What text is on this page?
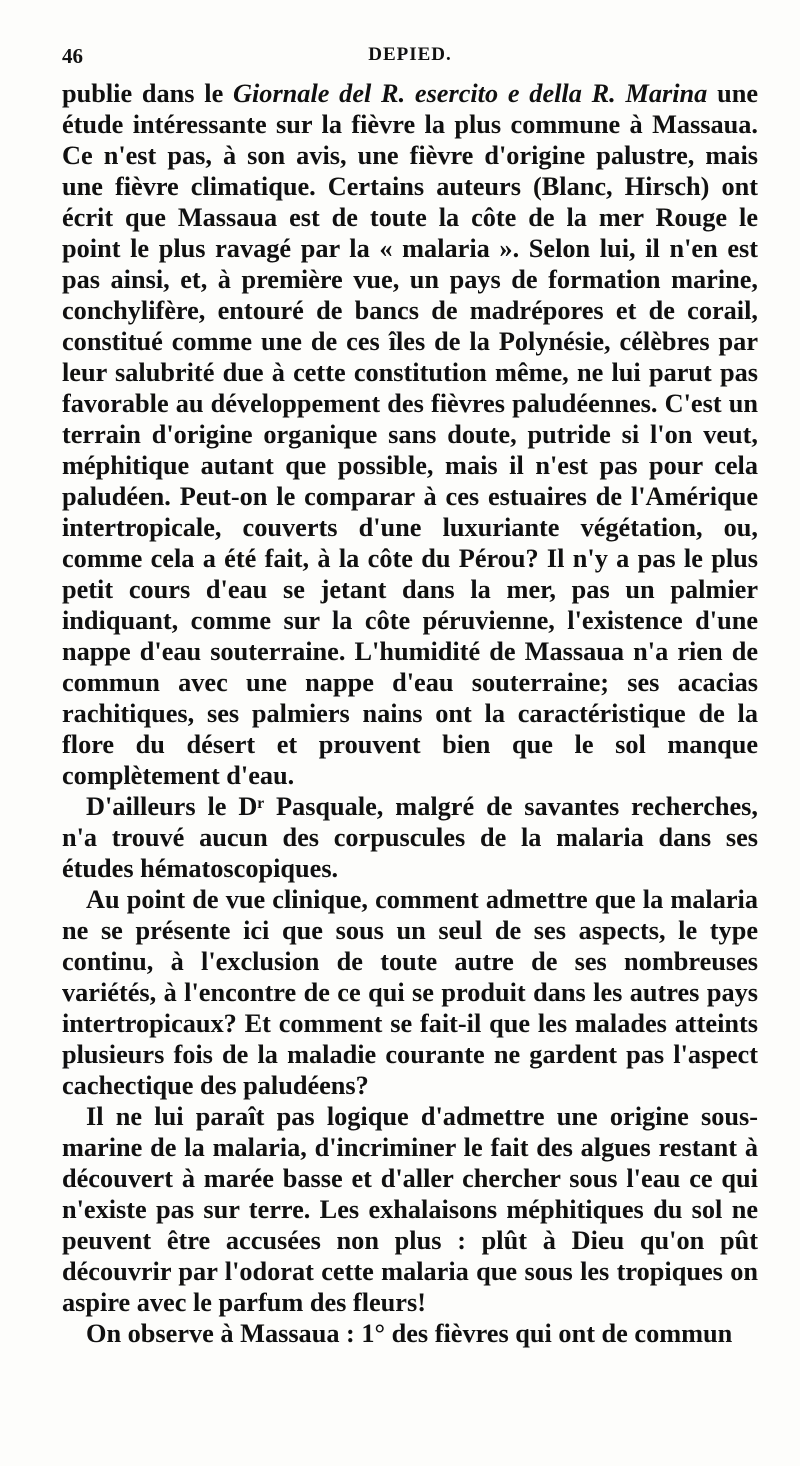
46	DEPIED.

publie dans le Giornale del R. esercito e della R. Marina une étude intéressante sur la fièvre la plus commune à Massaua. Ce n'est pas, à son avis, une fièvre d'origine palustre, mais une fièvre climatique. Certains auteurs (Blanc, Hirsch) ont écrit que Massaua est de toute la côte de la mer Rouge le point le plus ravagé par la « malaria ». Selon lui, il n'en est pas ainsi, et, à première vue, un pays de formation marine, conchylifère, entouré de bancs de madrépores et de corail, constitué comme une de ces îles de la Polynésie, célèbres par leur salubrité due à cette constitution même, ne lui parut pas favorable au développement des fièvres paludéennes. C'est un terrain d'origine organique sans doute, putride si l'on veut, méphitique autant que possible, mais il n'est pas pour cela paludéen. Peut-on le comparar à ces estuaires de l'Amérique intertropicale, couverts d'une luxuriante végétation, ou, comme cela a été fait, à la côte du Pérou? Il n'y a pas le plus petit cours d'eau se jetant dans la mer, pas un palmier indiquant, comme sur la côte péruvienne, l'existence d'une nappe d'eau souterraine. L'humidité de Massaua n'a rien de commun avec une nappe d'eau souterraine; ses acacias rachitiques, ses palmiers nains ont la caractéristique de la flore du désert et prouvent bien que le sol manque complètement d'eau.

D'ailleurs le Dʳ Pasquale, malgré de savantes recherches, n'a trouvé aucun des corpuscules de la malaria dans ses études hématoscopiques.

Au point de vue clinique, comment admettre que la malaria ne se présente ici que sous un seul de ses aspects, le type continu, à l'exclusion de toute autre de ses nombreuses variétés, à l'encontre de ce qui se produit dans les autres pays intertropicaux? Et comment se fait-il que les malades atteints plusieurs fois de la maladie courante ne gardent pas l'aspect cachectique des paludéens?

Il ne lui paraît pas logique d'admettre une origine sous-marine de la malaria, d'incriminer le fait des algues restant à découvert à marée basse et d'aller chercher sous l'eau ce qui n'existe pas sur terre. Les exhalaisons méphitiques du sol ne peuvent être accusées non plus : plût à Dieu qu'on pût découvrir par l'odorat cette malaria que sous les tropiques on aspire avec le parfum des fleurs!

On observe à Massaua : 1° des fièvres qui ont de commun
